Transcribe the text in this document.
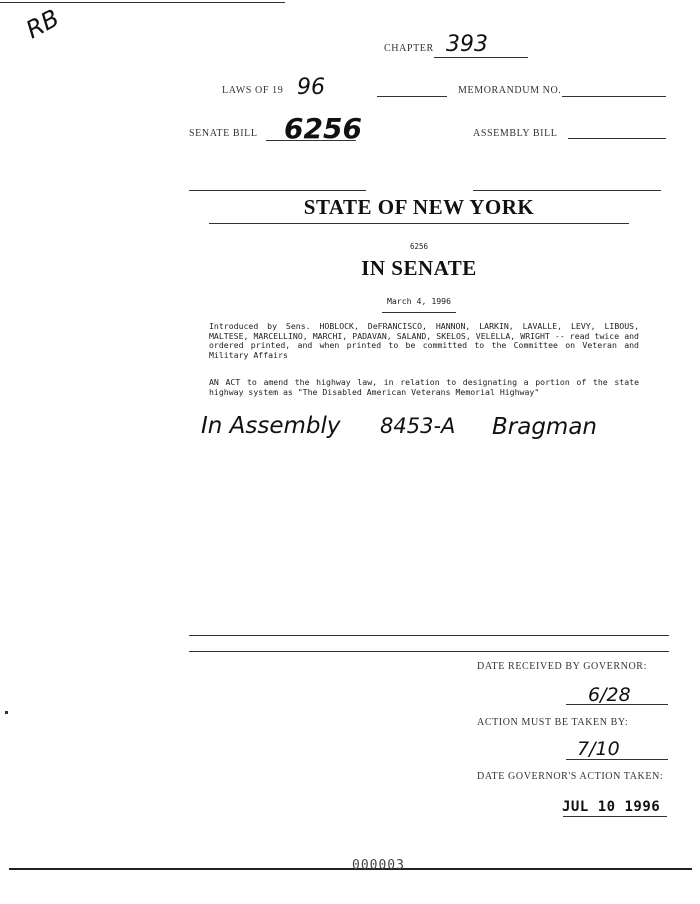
RB
CHAPTER 393
LAWS OF 19 96	MEMORANDUM NO.
SENATE BILL 6256	ASSEMBLY BILL
STATE OF NEW YORK
6256
IN SENATE
March 4, 1996
Introduced by Sens. HOBLOCK, DeFRANCISCO, HANNON, LARKIN, LAVALLE, LEVY, LIBOUS, MALTESE, MARCELLINO, MARCHI, PADAVAN, SALAND, SKELOS, VELELLA, WRIGHT -- read twice and ordered printed, and when printed to be committed to the Committee on Veteran and Military Affairs
AN ACT to amend the highway law, in relation to designating a portion of the state highway system as "The Disabled American Veterans Memorial Highway"
In Assembly 8453-A Bragman
DATE RECEIVED BY GOVERNOR:
6/28
ACTION MUST BE TAKEN BY:
7/10
DATE GOVERNOR'S ACTION TAKEN:
JUL 10 1996
000003
